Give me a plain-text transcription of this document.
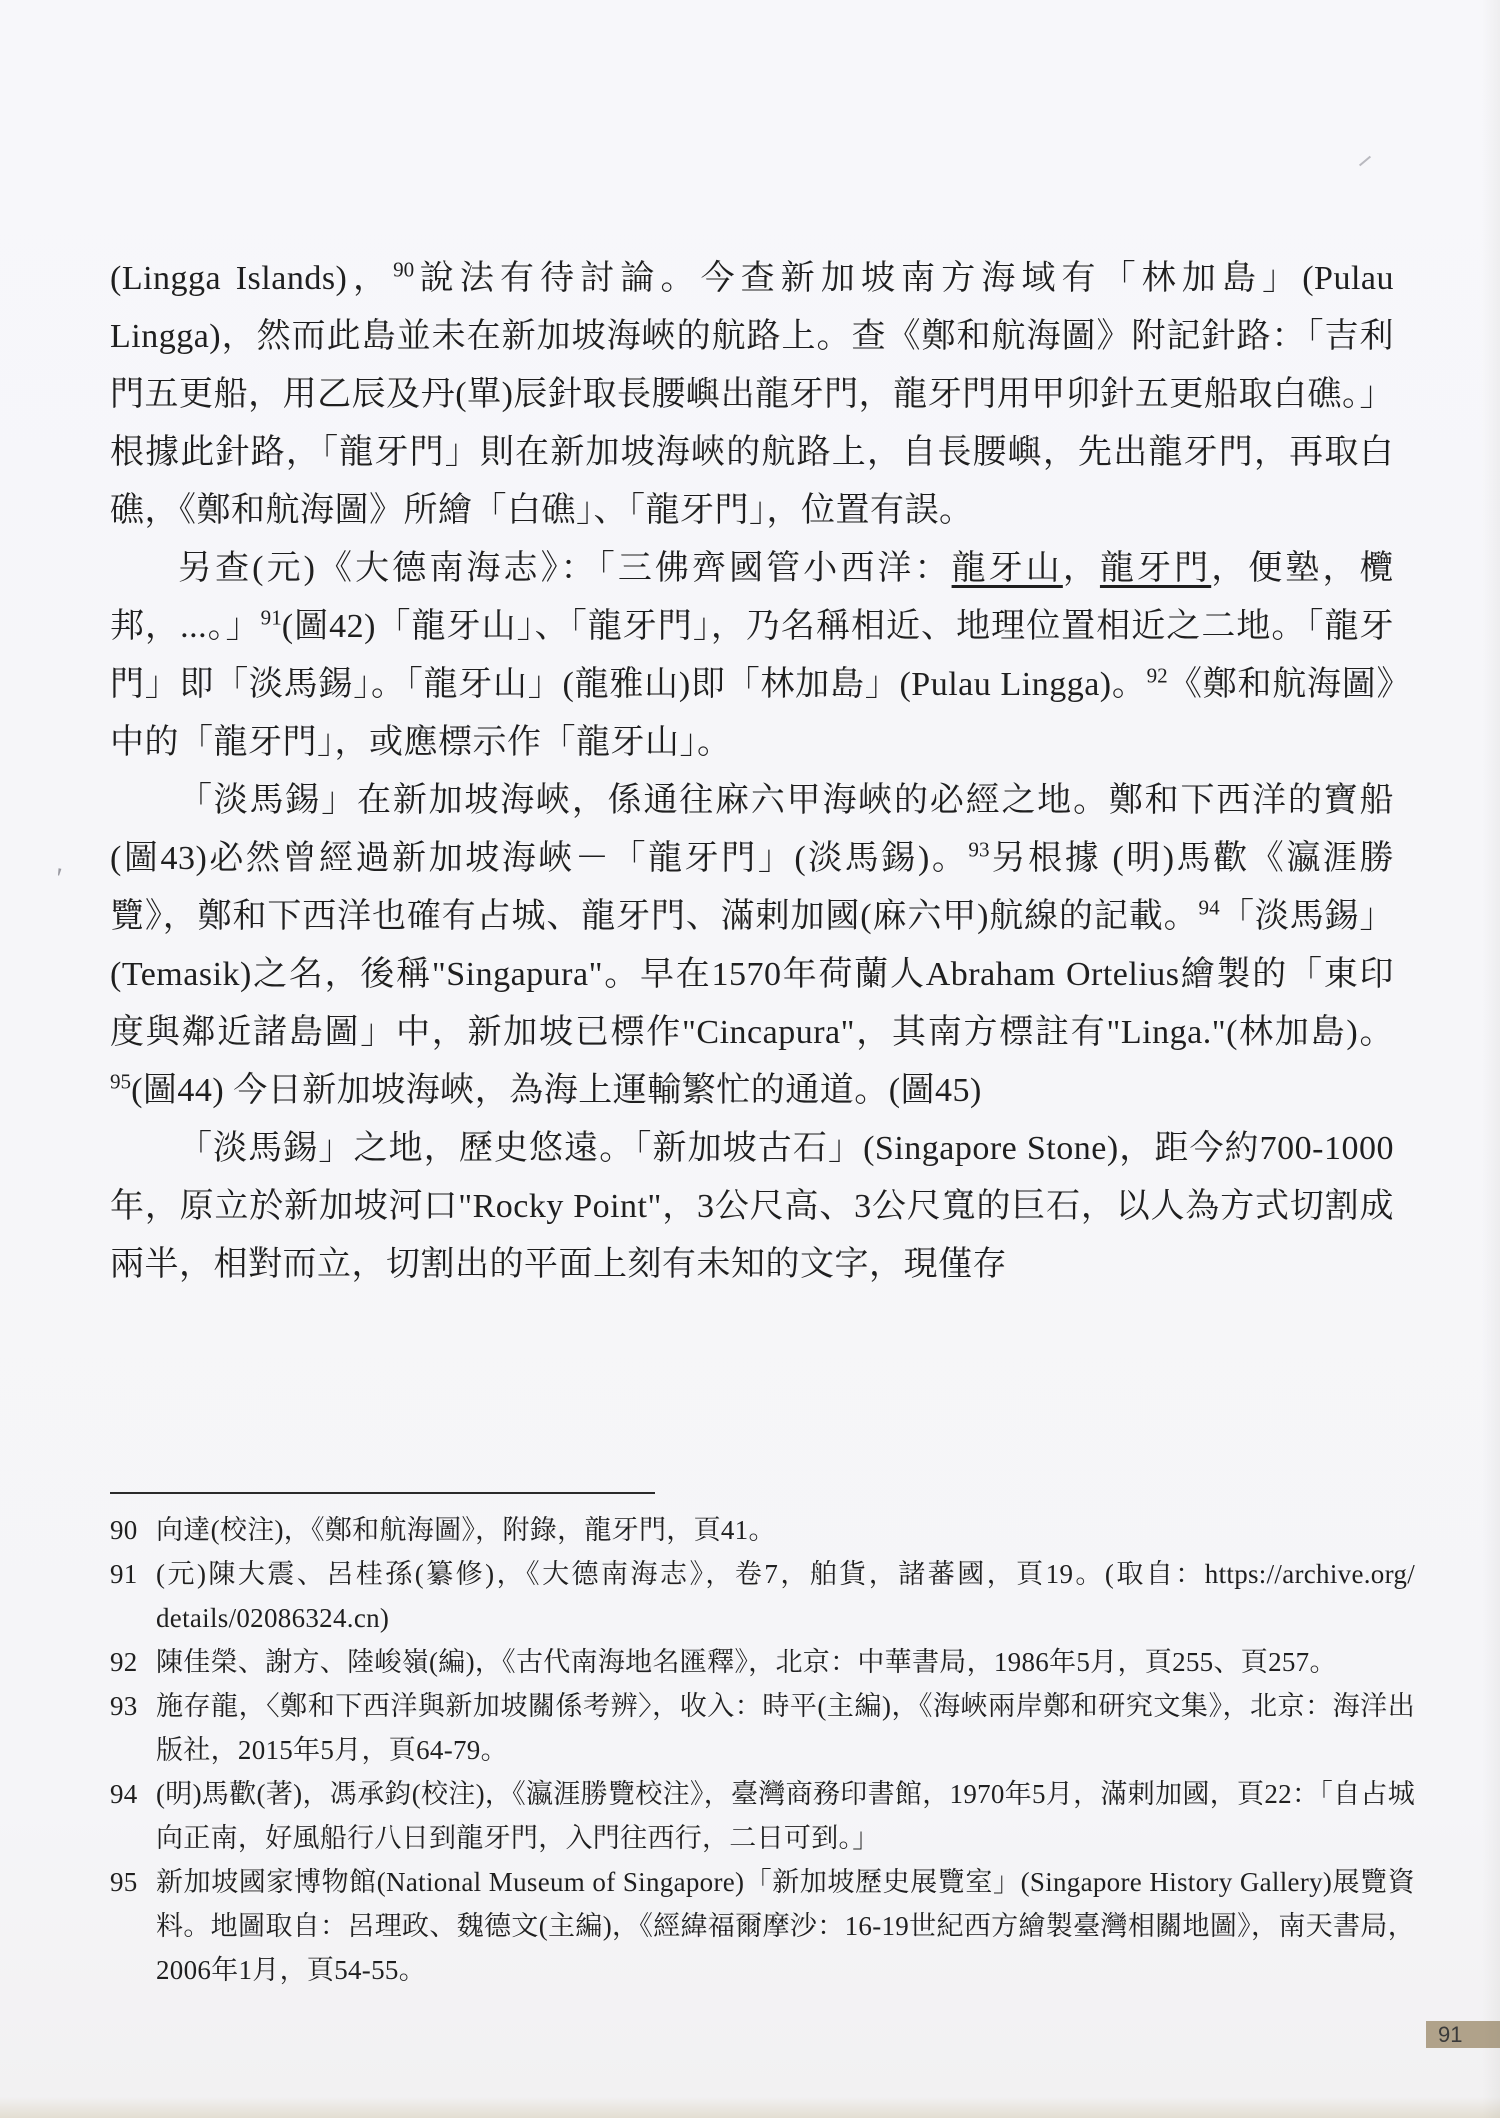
'

(Lingga Islands)，$^{90}$說法有待討論。今查新加坡南方海域有「林加島」(Pulau Lingga)，然而此島並未在新加坡海峽的航路上。查《鄭和航海圖》附記針路：「吉利門五更船，用乙辰及丹(單)辰針取長腰嶼出龍牙門，龍牙門用甲卯針五更船取白礁。」根據此針路，「龍牙門」則在新加坡海峽的航路上，自長腰嶼，先出龍牙門，再取白礁，《鄭和航海圖》所繪「白礁」、「龍牙門」，位置有誤。

另查(元)《大德南海志》：「三佛齊國管小西洋：龍牙山，龍牙門，便塾，欖邦，...。」$^{91}$(圖42)「龍牙山」、「龍牙門」，乃名稱相近、地理位置相近之二地。「龍牙門」即「淡馬錫」。「龍牙山」(龍雅山)即「林加島」(Pulau Lingga)。$^{92}$《鄭和航海圖》中的「龍牙門」，或應標示作「龍牙山」。

「淡馬錫」在新加坡海峽，係通往麻六甲海峽的必經之地。鄭和下西洋的寶船(圖43)必然曾經過新加坡海峽－「龍牙門」(淡馬錫)。$^{93}$另根據 (明)馬歡《瀛涯勝覽》，鄭和下西洋也確有占城、龍牙門、滿剌加國(麻六甲)航線的記載。$^{94}$「淡馬錫」(Temasik)之名，後稱"Singapura"。早在1570年荷蘭人Abraham Ortelius繪製的「東印度與鄰近諸島圖」中，新加坡已標作"Cincapura"，其南方標註有"Linga."(林加島)。$^{95}$(圖44) 今日新加坡海峽，為海上運輸繁忙的通道。(圖45)

「淡馬錫」之地，歷史悠遠。「新加坡古石」(Singapore Stone)，距今約700-1000年，原立於新加坡河口"Rocky Point"，3公尺高、3公尺寬的巨石，以人為方式切割成兩半，相對而立，切割出的平面上刻有未知的文字，現僅存

90 向達(校注)，《鄭和航海圖》，附錄，龍牙門，頁41。
91 (元)陳大震、呂桂孫(纂修)，《大德南海志》，卷7，舶貨，諸蕃國，頁19。(取自：https://archive.org/ details/02086324.cn)
92 陳佳榮、謝方、陸峻嶺(編)，《古代南海地名匯釋》，北京：中華書局，1986年5月，頁255、頁257。
93 施存龍，〈鄭和下西洋與新加坡關係考辨〉，收入：時平(主編)，《海峽兩岸鄭和研究文集》，北京：海洋出版社，2015年5月，頁64-79。
94 (明)馬歡(著)，馮承鈞(校注)，《瀛涯勝覽校注》，臺灣商務印書館，1970年5月，滿剌加國，頁22：「自占城向正南，好風船行八日到龍牙門，入門往西行，二日可到。」
95 新加坡國家博物館(National Museum of Singapore)「新加坡歷史展覽室」(Singapore History Gallery)展覽資料。地圖取自：呂理政、魏德文(主編)，《經緯福爾摩沙：16-19世紀西方繪製臺灣相關地圖》，南天書局，2006年1月，頁54-55。
91
